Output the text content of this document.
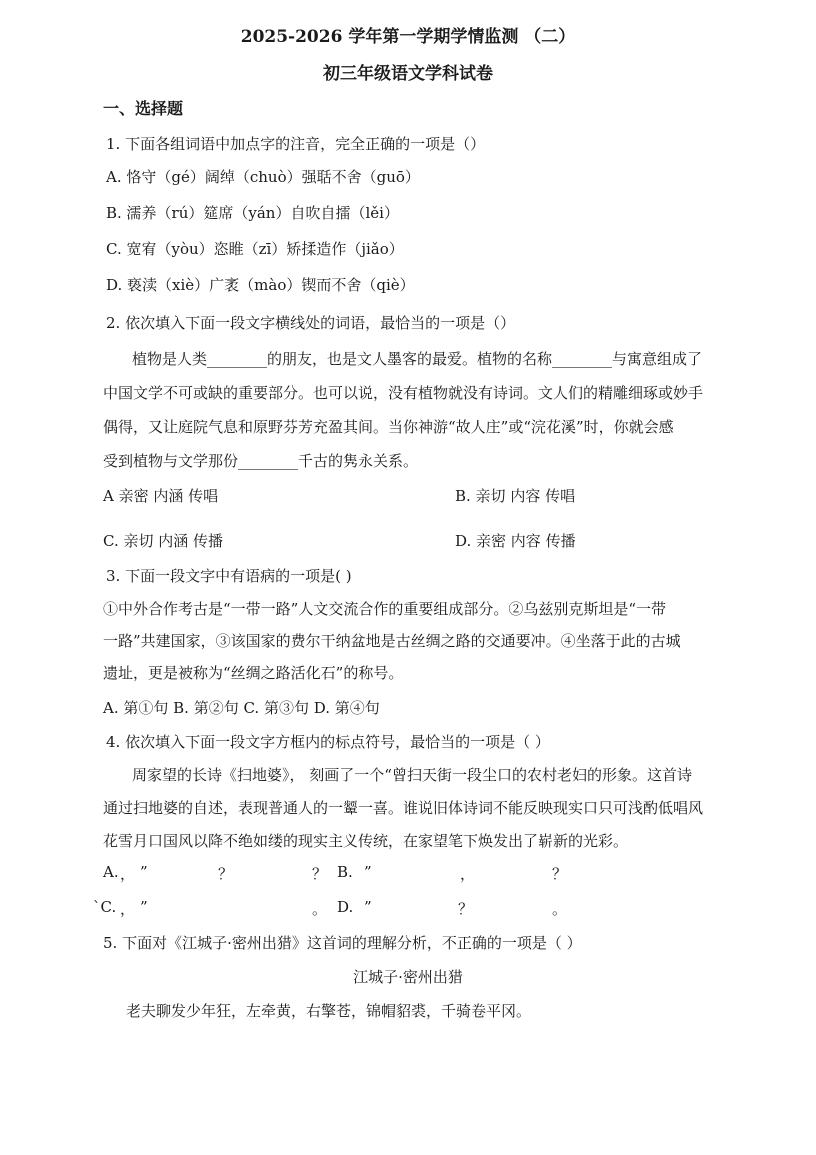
2025-2026 学年第一学期学情监测 （二）
初三年级语文学科试卷
一、选择题
1. 下面各组词语中加点字的注音，完全正确的一项是（）
A. 恪守（gé）阔绰（chuò）强聒不舍（guō）
B. 濡养（rú）筵席（yán）自吹自擂（lěi）
C. 宽宥（yòu）恣睢（zī）矫揉造作（jiǎo）
D. 亵渎（xiè）广袤（mào）锲而不舍（qiè）
2. 依次填入下面一段文字横线处的词语，最恰当的一项是（）
植物是人类________的朋友，也是文人墨客的最爱。植物的名称________与寓意组成了
中国文学不可或缺的重要部分。也可以说，没有植物就没有诗词。文人们的精雕细琢或妙手
偶得，又让庭院气息和原野芬芳充盈其间。当你神游“故人庄”或“浣花溪”时，你就会感
受到植物与文学那份________千古的隽永关系。
A 亲密 内涵 传唱	B. 亲切 内容 传唱
C. 亲切 内涵 传播	D. 亲密 内容 传播
3. 下面一段文字中有语病的一项是( )
①中外合作考古是“一带一路”人文交流合作的重要组成部分。②乌兹别克斯坦是“一带
一路”共建国家，③该国家的费尔干纳盆地是古丝绸之路的交通要冲。④坐落于此的古城
遗址，更是被称为“丝绸之路活化石”的称号。
A. 第①句 B. 第②句 C. 第③句 D. 第④句
4. 依次填入下面一段文字方框内的标点符号，最恰当的一项是（ ）
周家望的长诗《扫地婆》， 刻画了一个“曾扫天街一段尘口的农村老妇的形象。这首诗
通过扫地婆的自述，表现普通人的一颦一喜。谁说旧体诗词不能反映现实口只可浅酌低唱风
花雪月口国风以降不绝如缕的现实主义传统，在家望笔下焕发出了崭新的光彩。
A. ， ”	？	？ B. ”	，	？
`C. ， ”	。 D. ”	？	。
5. 下面对《江城子·密州出猎》这首词的理解分析，不正确的一项是（ ）
江城子·密州出猎
老夫聊发少年狂，左牵黄，右擎苍，锦帽貂裘，千骑卷平冈。
